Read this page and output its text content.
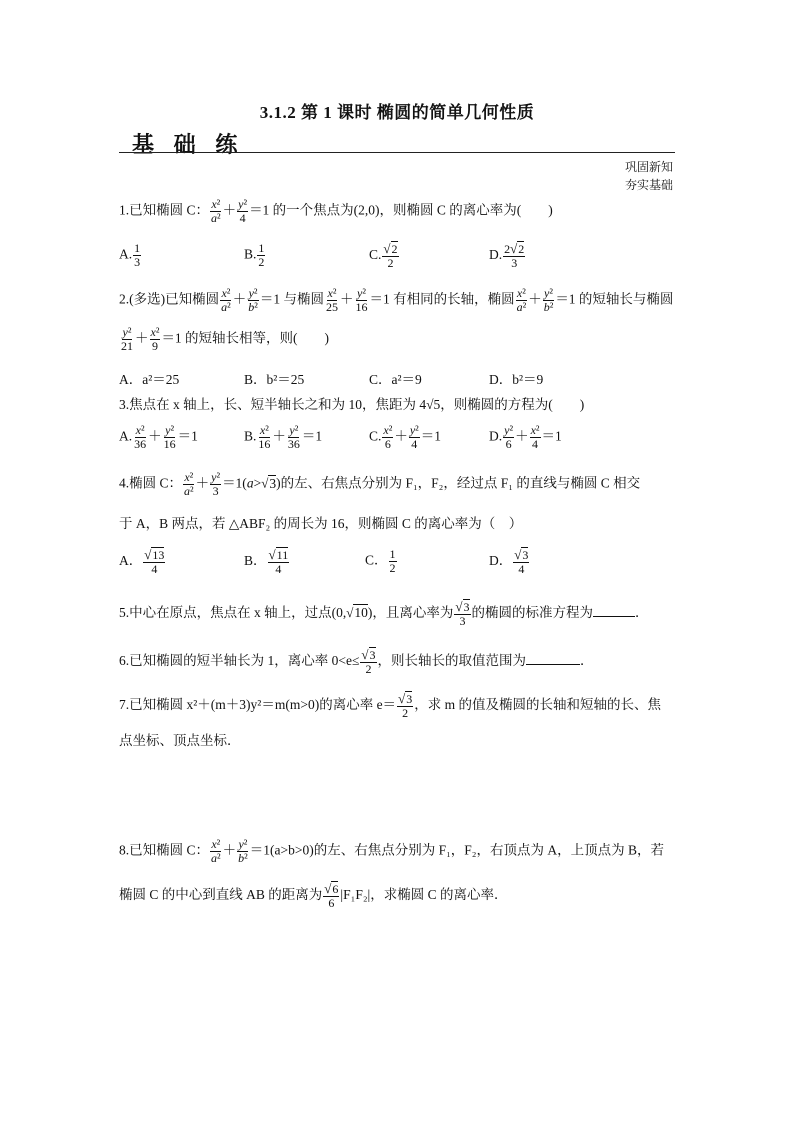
3.1.2 第 1 课时 椭圆的简单几何性质
基 础 练
巩固新知
夯实基础
1.已知椭圆 C： $\frac{\text{x²}}{\text{a²}} + \frac{\text{y²}}{4} =1$ 的一个焦点为(2,0)，则椭圆 C 的离心率为(　　)
A. $\frac{1}{3}$	B. $\frac{1}{2}$	C. $\frac{√2}{2}$	D. $\frac{2√2}{3}$
2.(多选)已知椭圆 $\frac{\text{x²}}{\text{a²}} + \frac{\text{y²}}{\text{b²}} =1$ 与椭圆 $\frac{\text{x²}}{25} + \frac{\text{y²}}{16} =1$ 有相同的长轴，椭圆 $\frac{\text{x²}}{\text{a²}} + \frac{\text{y²}}{\text{b²}} =1$ 的短轴长与椭圆
$\frac{\text{y²}}{21} + \frac{\text{x²}}{9} =1$ 的短轴长相等，则(　　)
A．a²＝25	B．b²＝25	C．a²＝9	D．b²＝9
3.焦点在 x 轴上，长、短半轴长之和为 10，焦距为 4√5，则椭圆的方程为(　　)
A. $\frac{\text{x²}}{36} + \frac{\text{y²}}{16} =1$	B. $\frac{\text{x²}}{16} + \frac{\text{y²}}{36} =1$	C. $\frac{\text{x²}}{6} + \frac{\text{y²}}{4} =1$	D. $\frac{\text{y²}}{6} + \frac{\text{x²}}{4} =1$
4.椭圆 C： $\frac{\text{x²}}{\text{a²}} + \frac{\text{y²}}{3} =1(a>√3)$的左、右焦点分别为 F₁，F₂，经过点 F₁ 的直线与椭圆 C 相交
于 A，B 两点，若 △ABF₂ 的周长为 16，则椭圆 C 的离心率为（　）
A． $\frac{√13}{4}$	B． $\frac{√11}{4}$	C． $\frac{1}{2}$	D． $\frac{√3}{4}$
5.中心在原点，焦点在 x 轴上，过点(0,√10)，且离心率为 $\frac{√3}{3}$ 的椭圆的标准方程为	．
6.已知椭圆的短半轴长为 1，离心率 $0<e\le \frac{√3}{2}$ ，则长轴长的取值范围为	．
7.已知椭圆 x²＋(m＋3)y²＝m(m>0)的离心率 $e= \frac{√3}{2}$ ，求 m 的值及椭圆的长轴和短轴的长、焦
点坐标、顶点坐标．
8.已知椭圆 C： $\frac{\text{x²}}{\text{a²}} + \frac{\text{y²}}{\text{b²}} =1(a>b>0)$的左、右焦点分别为 F₁，F₂，右顶点为 A，上顶点为 B，若
椭圆 C 的中心到直线 AB 的距离为 $\frac{√6}{6} |F_1F_2|$，求椭圆 C 的离心率．
